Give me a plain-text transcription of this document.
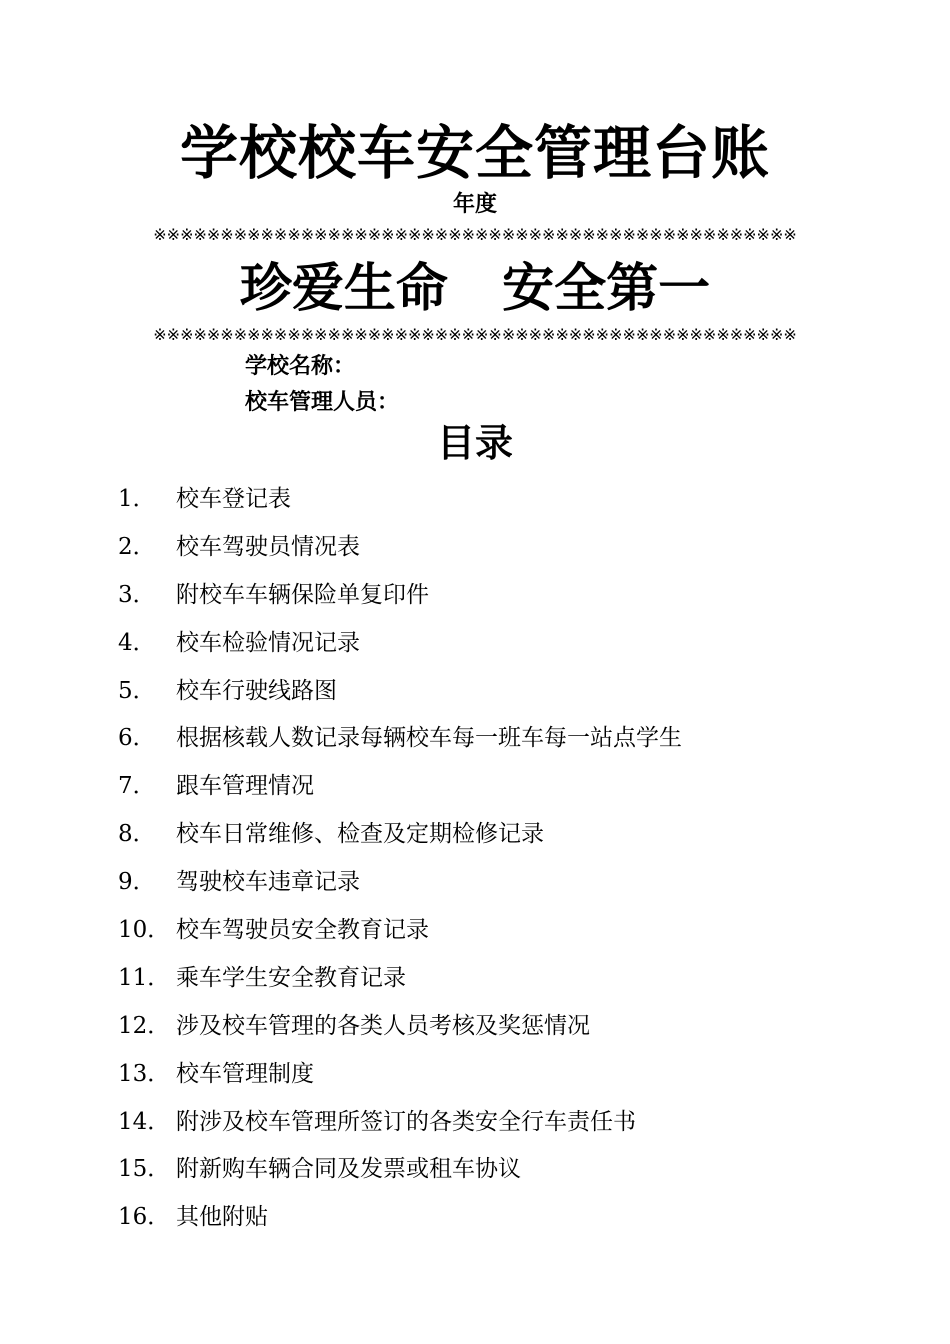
学校校车安全管理台账
年度
※※※※※※※※※※※※※※※※※※※※※※※※※※※※※※※※※※※※※※※※※※※※※※※※
珍爱生命   安全第一
※※※※※※※※※※※※※※※※※※※※※※※※※※※※※※※※※※※※※※※※※※※※※※※※
学校名称：
校车管理人员：
目录
1． 校车登记表
2． 校车驾驶员情况表
3． 附校车车辆保险单复印件
4． 校车检验情况记录
5． 校车行驶线路图
6． 根据核载人数记录每辆校车每一班车每一站点学生
7． 跟车管理情况
8． 校车日常维修、检查及定期检修记录
9． 驾驶校车违章记录
10． 校车驾驶员安全教育记录
11． 乘车学生安全教育记录
12． 涉及校车管理的各类人员考核及奖惩情况
13． 校车管理制度
14． 附涉及校车管理所签订的各类安全行车责任书
15． 附新购车辆合同及发票或租车协议
16． 其他附贴
